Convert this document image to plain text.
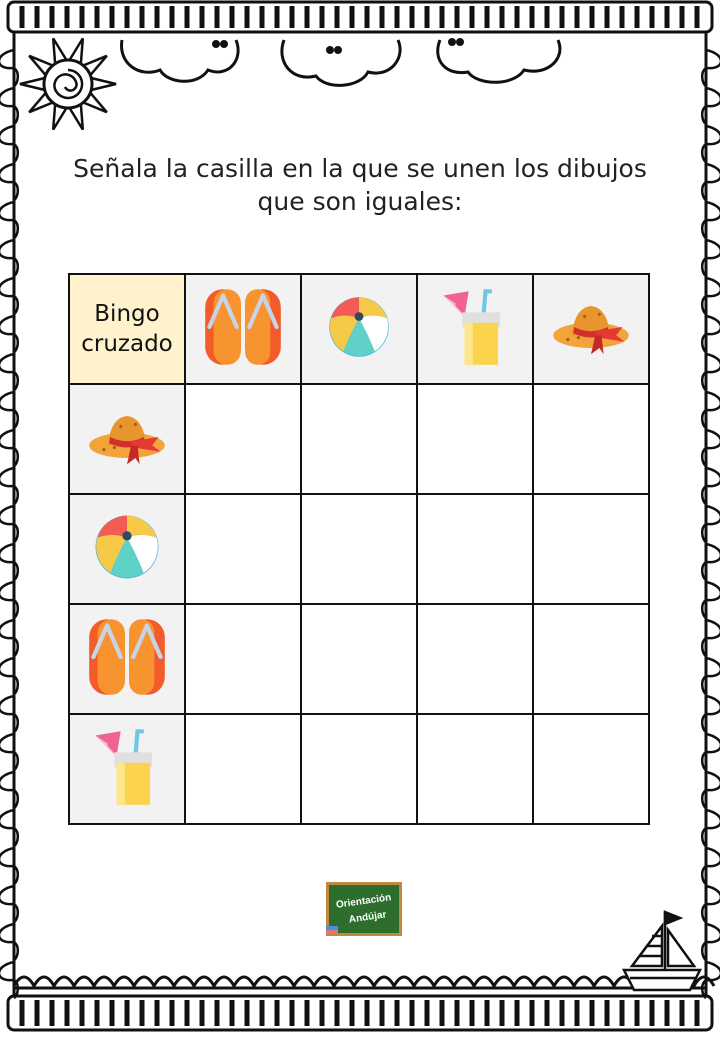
Señala la casilla en la que se unen los dibujos que son iguales:
Bingo
cruzado

Orientación
Andújar
